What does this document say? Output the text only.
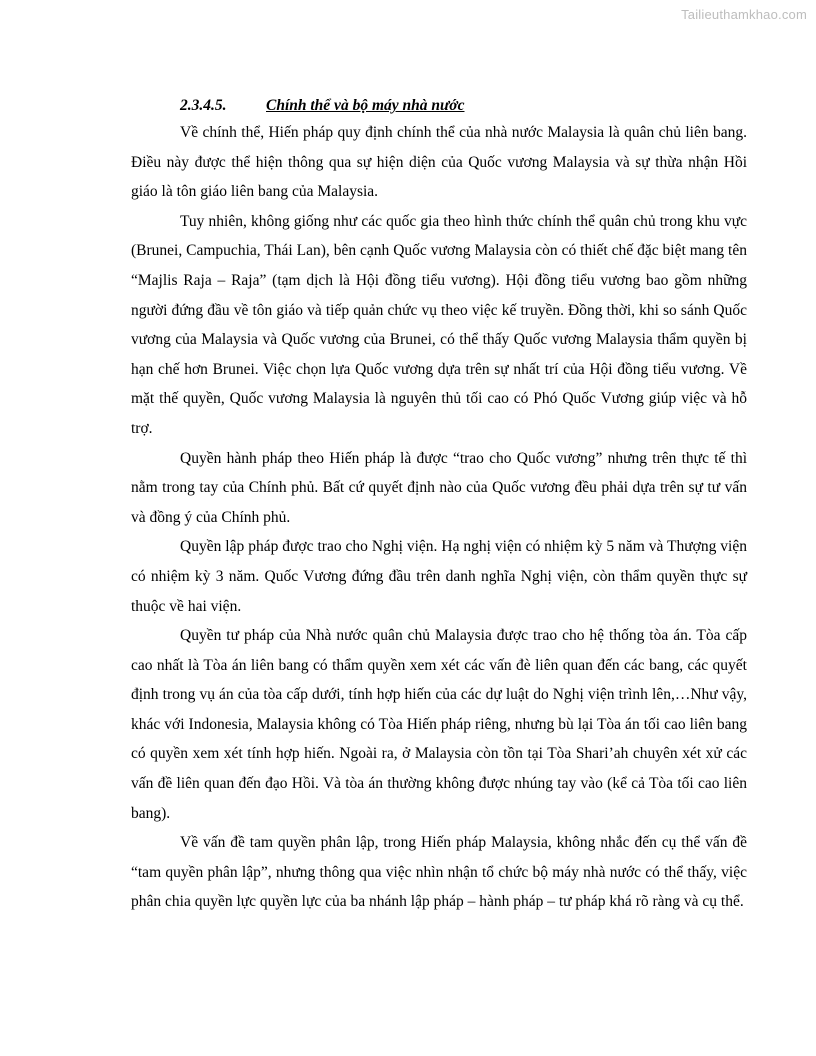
Tailieuthamkhao.com
2.3.4.5.	Chính thể và bộ máy nhà nước

Về chính thể, Hiến pháp quy định chính thể của nhà nước Malaysia là quân chủ liên bang. Điều này được thể hiện thông qua sự hiện diện của Quốc vương Malaysia và sự thừa nhận Hồi giáo là tôn giáo liên bang của Malaysia.

Tuy nhiên, không giống như các quốc gia theo hình thức chính thể quân chủ trong khu vực (Brunei, Campuchia, Thái Lan), bên cạnh Quốc vương Malaysia còn có thiết chế đặc biệt mang tên “Majlis Raja – Raja” (tạm dịch là Hội đồng tiểu vương). Hội đồng tiểu vương bao gồm những người đứng đầu về tôn giáo và tiếp quản chức vụ theo việc kế truyền. Đồng thời, khi so sánh Quốc vương của Malaysia và Quốc vương của Brunei, có thể thấy Quốc vương Malaysia thẩm quyền bị hạn chế hơn Brunei. Việc chọn lựa Quốc vương dựa trên sự nhất trí của Hội đồng tiểu vương. Về mặt thế quyền, Quốc vương Malaysia là nguyên thủ tối cao có Phó Quốc Vương giúp việc và hỗ trợ.

Quyền hành pháp theo Hiến pháp là được “trao cho Quốc vương” nhưng trên thực tế thì nằm trong tay của Chính phủ. Bất cứ quyết định nào của Quốc vương đều phải dựa trên sự tư vấn và đồng ý của Chính phủ.

Quyền lập pháp được trao cho Nghị viện. Hạ nghị viện có nhiệm kỳ 5 năm và Thượng viện có nhiệm kỳ 3 năm. Quốc Vương đứng đầu trên danh nghĩa Nghị viện, còn thẩm quyền thực sự thuộc về hai viện.

Quyền tư pháp của Nhà nước quân chủ Malaysia được trao cho hệ thống tòa án. Tòa cấp cao nhất là Tòa án liên bang có thẩm quyền xem xét các vấn đè liên quan đến các bang, các quyết định trong vụ án của tòa cấp dưới, tính hợp hiến của các dự luật do Nghị viện trình lên,…Như vậy, khác với Indonesia, Malaysia không có Tòa Hiến pháp riêng, nhưng bù lại Tòa án tối cao liên bang có quyền xem xét tính hợp hiến. Ngoài ra, ở Malaysia còn tồn tại Tòa Shari’ah chuyên xét xử các vấn đề liên quan đến đạo Hồi. Và tòa án thường không được nhúng tay vào (kể cả Tòa tối cao liên bang).

Về vấn đề tam quyền phân lập, trong Hiến pháp Malaysia, không nhắc đến cụ thể vấn đề “tam quyền phân lập”, nhưng thông qua việc nhìn nhận tổ chức bộ máy nhà nước có thể thấy, việc phân chia quyền lực quyền lực của ba nhánh lập pháp – hành pháp – tư pháp khá rõ ràng và cụ thể.
